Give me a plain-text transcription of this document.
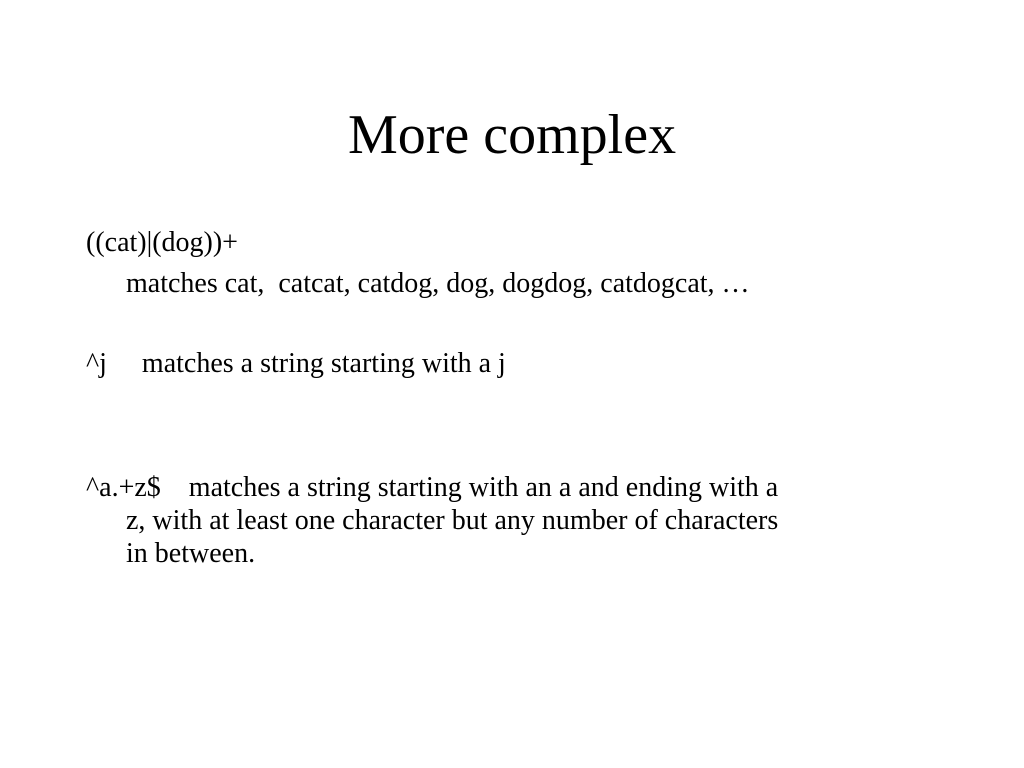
More complex
((cat)|(dog))+
matches cat,  catcat, catdog, dog, dogdog, catdogcat, …
^j     matches a string starting with a j
^a.+z$    matches a string starting with an a and ending with a
z, with at least one character but any number of characters
in between.
